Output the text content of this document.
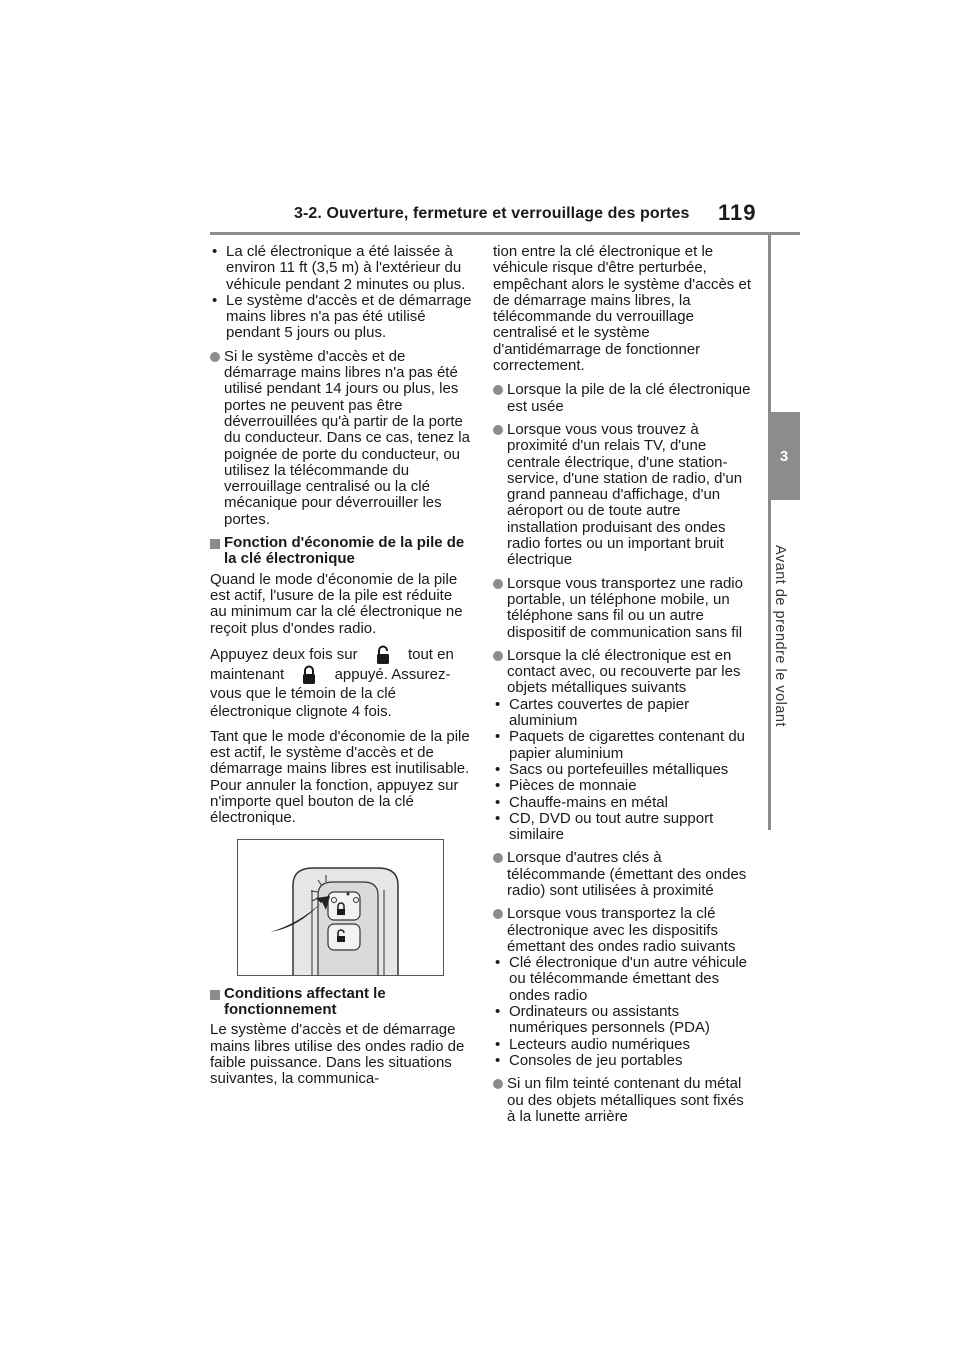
3-2. Ouverture, fermeture et verrouillage des portes 119
3
Avant de prendre le volant

• La clé électronique a été laissée à environ 11 ft (3,5 m) à l'extérieur du véhicule pendant 2 minutes ou plus.

• Le système d'accès et de démarrage mains libres n'a pas été utilisé pendant 5 jours ou plus.

Si le système d'accès et de démarrage mains libres n'a pas été utilisé pendant 14 jours ou plus, les portes ne peuvent pas être déverrouillées qu'à partir de la porte du conducteur. Dans ce cas, tenez la poignée de porte du conducteur, ou utilisez la télécommande du verrouillage centralisé ou la clé mécanique pour déverrouiller les portes.

Fonction d'économie de la pile de la clé électronique

Quand le mode d'économie de la pile est actif, l'usure de la pile est réduite au minimum car la clé électronique ne reçoit plus d'ondes radio.

Appuyez deux fois sur	tout en maintenant	appuyé. Assurez-vous que le témoin de la clé électronique clignote 4 fois.

Tant que le mode d'économie de la pile est actif, le système d'accès et de démarrage mains libres est inutilisable. Pour annuler la fonction, appuyez sur n'importe quel bouton de la clé électronique.

Conditions affectant le fonctionnement

Le système d'accès et de démarrage mains libres utilise des ondes radio de faible puissance. Dans les situations suivantes, la communica-

tion entre la clé électronique et le véhicule risque d'être perturbée, empêchant alors le système d'accès et de démarrage mains libres, la télécommande du verrouillage centralisé et le système d'antidémarrage de fonctionner correctement.

Lorsque la pile de la clé électronique est usée

Lorsque vous vous trouvez à proximité d'un relais TV, d'une centrale électrique, d'une station-service, d'une station de radio, d'un grand panneau d'affichage, d'un aéroport ou de toute autre installation produisant des ondes radio fortes ou un important bruit électrique

Lorsque vous transportez une radio portable, un téléphone mobile, un téléphone sans fil ou un autre dispositif de communication sans fil

Lorsque la clé électronique est en contact avec, ou recouverte par les objets métalliques suivants

• Cartes couvertes de papier aluminium

• Paquets de cigarettes contenant du papier aluminium

• Sacs ou portefeuilles métalliques

• Pièces de monnaie

• Chauffe-mains en métal

• CD, DVD ou tout autre support similaire

Lorsque d'autres clés à télécommande (émettant des ondes radio) sont utilisées à proximité

Lorsque vous transportez la clé électronique avec les dispositifs émettant des ondes radio suivants

• Clé électronique d'un autre véhicule ou télécommande émettant des ondes radio

• Ordinateurs ou assistants numériques personnels (PDA)

• Lecteurs audio numériques

• Consoles de jeu portables

Si un film teinté contenant du métal ou des objets métalliques sont fixés à la lunette arrière
